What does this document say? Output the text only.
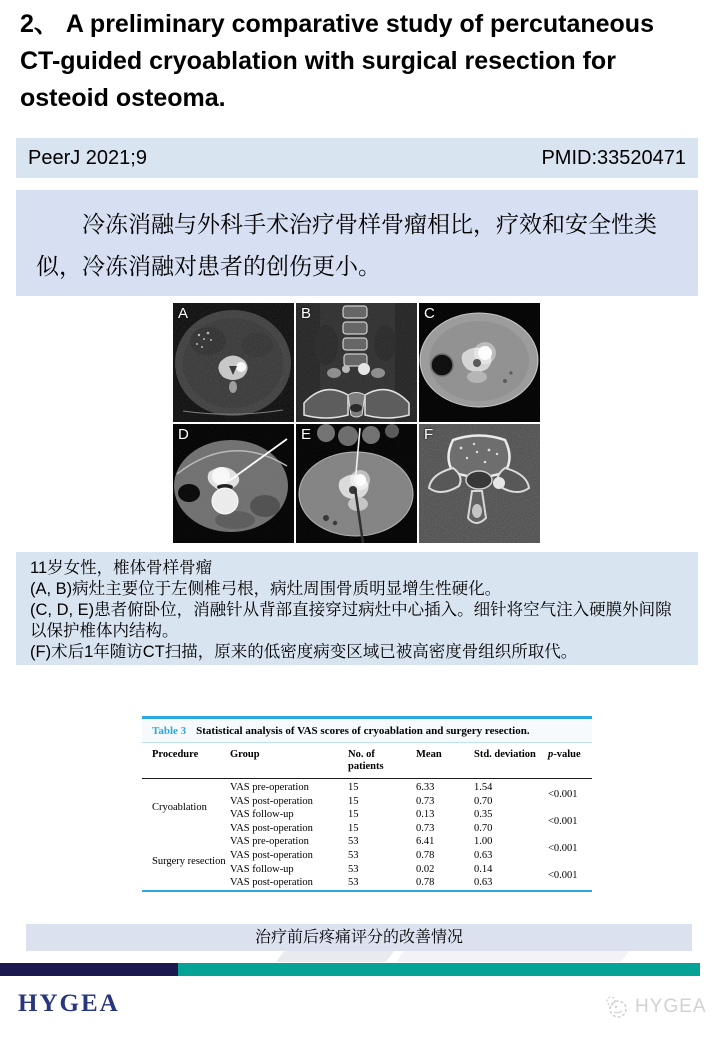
2、 A preliminary comparative study of percutaneous CT-guided cryoablation with surgical resection for osteoid osteoma.
PeerJ 2021;9	PMID:33520471

冷冻消融与外科手术治疗骨样骨瘤相比，疗效和安全性类似，冷冻消融对患者的创伤更小。

A	B	C
D	E	F

11岁女性，椎体骨样骨瘤

(A, B)病灶主要位于左侧椎弓根，病灶周围骨质明显增生性硬化。

(C, D, E)患者俯卧位，消融针从背部直接穿过病灶中心插入。细针将空气注入硬膜外间隙以保护椎体内结构。

(F)术后1年随访CT扫描，原来的低密度病变区域已被高密度骨组织所取代。

Table 3 Statistical analysis of VAS scores of cryoablation and surgery resection.
Procedure	Group	No. of patients	Mean	Std. deviation	p-value
Cryoablation	VAS pre-operation	15	6.33	1.54	<0.001
	VAS post-operation	15	0.73	0.70	
	VAS follow-up	15	0.13	0.35	<0.001
	VAS post-operation	15	0.73	0.70	
Surgery resection	VAS pre-operation	53	6.41	1.00	<0.001
	VAS post-operation	53	0.78	0.63	
	VAS follow-up	53	0.02	0.14	<0.001
	VAS post-operation	53	0.78	0.63	
治疗前后疼痛评分的改善情况
HYGEA	HYGEA
